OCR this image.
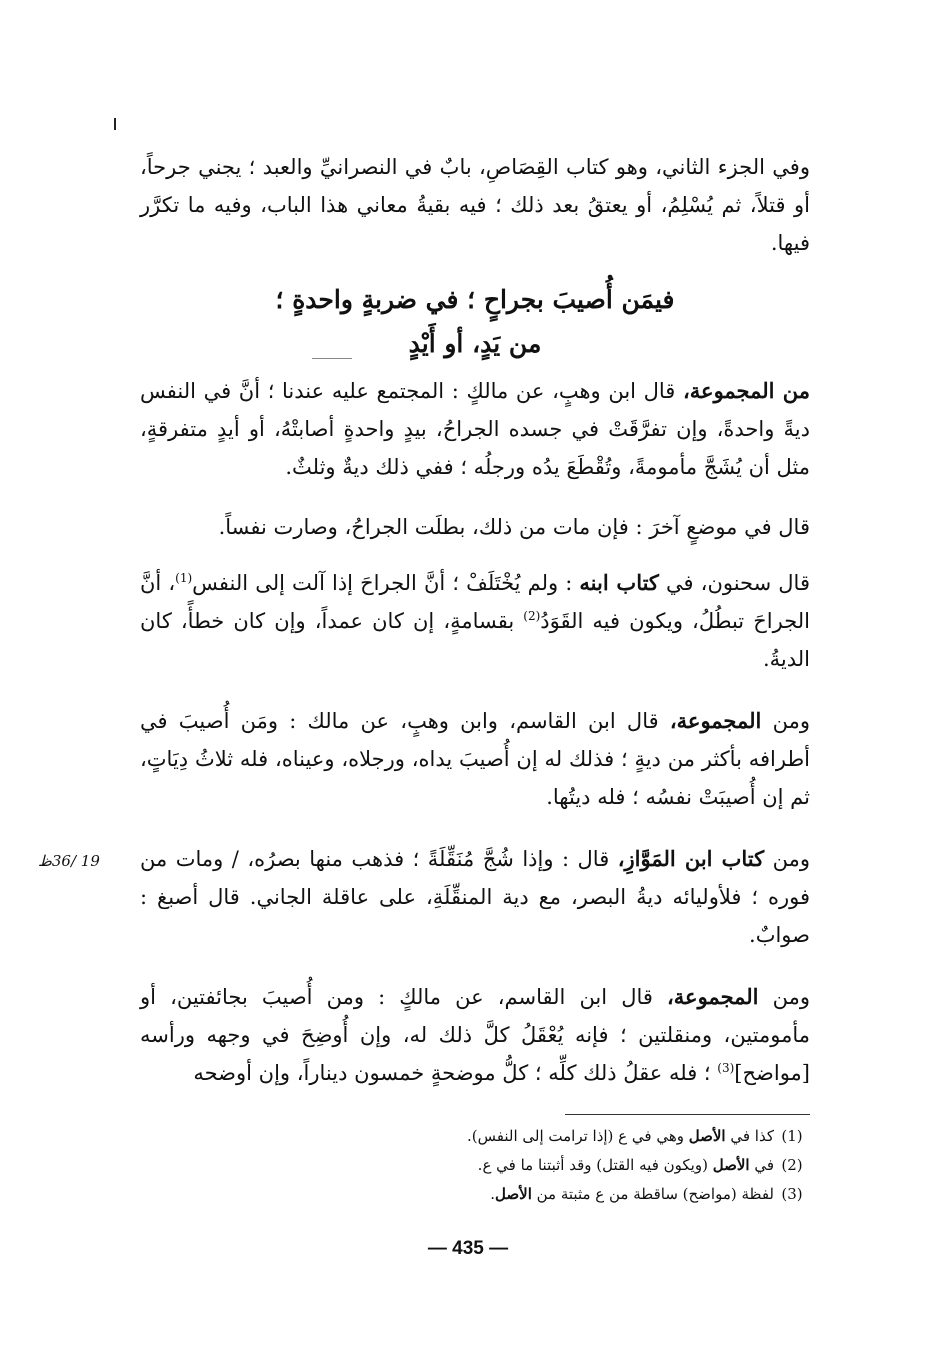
وفي الجزء الثاني، وهو كتاب القِصَاصِ، بابٌ في النصرانيِّ والعبد ؛ يجني جرحاً، أو قتلاً، ثم يُسْلِمُ، أو يعتقُ بعد ذلك ؛ فيه بقيةُ معاني هذا الباب، وفيه ما تكرَّر فيها.

فيمَن أُصيبَ بجراحٍ ؛ في ضربةٍ واحدةٍ ؛
من يَدٍ، أو أَيْدٍ

من المجموعة، قال ابن وهبٍ، عن مالكٍ : المجتمع عليه عندنا ؛ أنَّ في النفس ديةً واحدةً، وإن تفرَّقَتْ في جسده الجراحُ، بيدٍ واحدةٍ أصابتْهُ، أو أيدٍ متفرقةٍ، مثل أن يُشَجَّ مأمومةً، وتُقْطَعَ يدُه ورجلُه ؛ ففي ذلك ديةٌ وثلثٌ.

قال في موضعٍ آخرَ : فإن مات من ذلك، بطلَت الجراحُ، وصارت نفساً.

قال سحنون، في كتاب ابنه : ولم يُخْتَلَفْ ؛ أنَّ الجراحَ إذا آلت إلى النفس$^{(1)}$، أنَّ الجراحَ تبطُلُ، ويكون فيه القَوَدُ$^{(2)}$ بقسامةٍ، إن كان عمداً، وإن كان خطأً، كان الديةُ.

ومن المجموعة، قال ابن القاسم، وابن وهبٍ، عن مالك : ومَن أُصيبَ في أطرافه بأكثر من ديةٍ ؛ فذلك له إن أُصيبَ يداه، ورجلاه، وعيناه، فله ثلاثُ دِيَاتٍ، ثم إن أُصيبَتْ نفسُه ؛ فله ديتُها.

19 /36ظ	ومن كتاب ابن المَوَّازِ، قال : وإذا شُجَّ مُنَقِّلَةً ؛ فذهب منها بصرُه، / ومات من فوره ؛ فلأوليائه ديةُ البصر، مع دية المنقِّلَةِ، على عاقلة الجاني. قال أصبغ : صوابٌ.

ومن المجموعة، قال ابن القاسم، عن مالكٍ : ومن أُصيبَ بجائفتين، أو مأمومتين، ومنقلتين ؛ فإنه يُعْقَلُ كلَّ ذلك له، وإن أُوضِحَ في وجهه ورأسه [مواضح]$^{(3)}$ ؛ فله عقلُ ذلك كلِّه ؛ كلُّ موضحةٍ خمسون ديناراً، وإن أوضحه

(1)
كذا في الأصل وهي في ع (إذا ترامت إلى النفس).

(2)
في الأصل (ويكون فيه القتل) وقد أثبتنا ما في ع.

(3)
لفظة (مواضح) ساقطة من ع مثبتة من الأصل.

— 435 —
